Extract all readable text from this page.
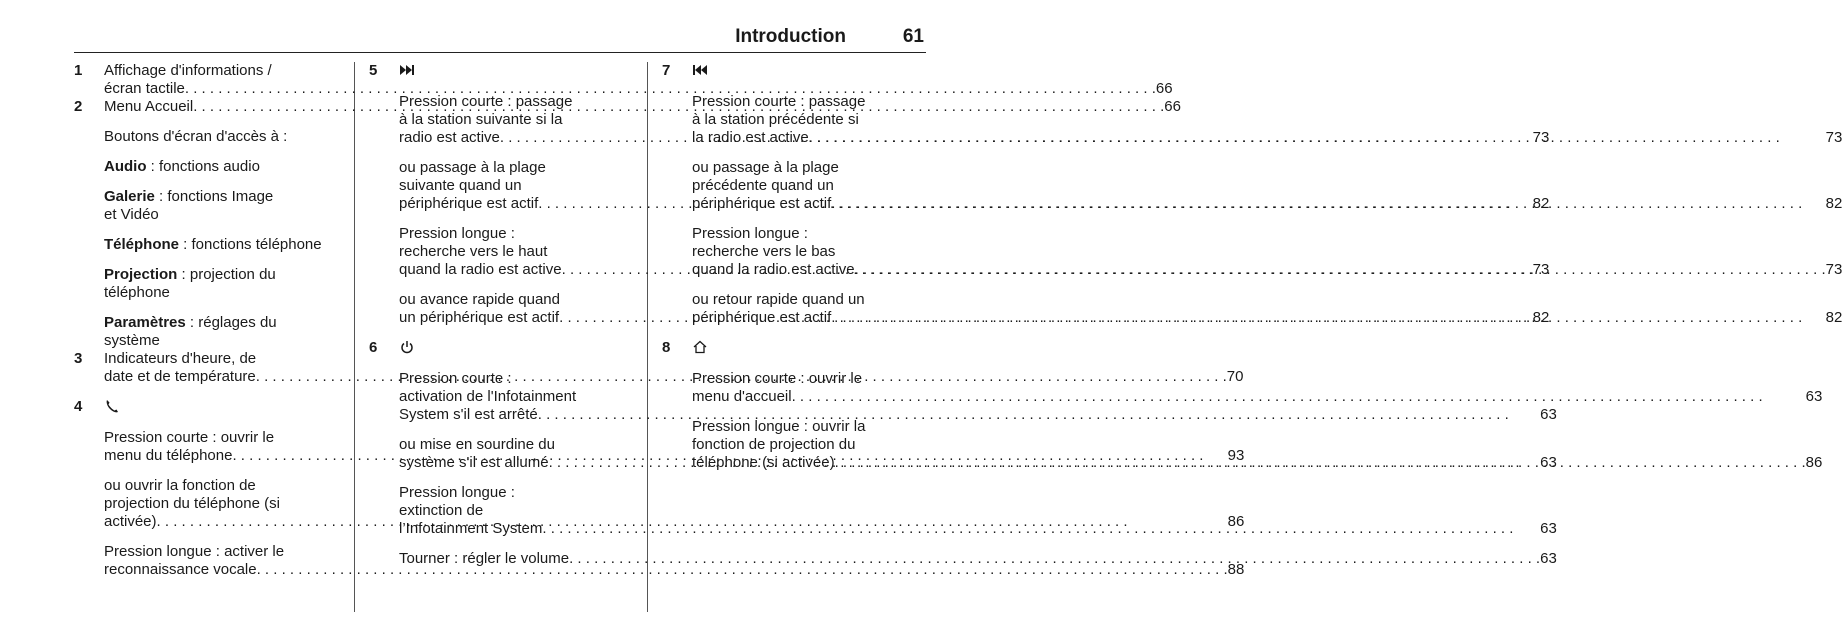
Introduction	61
1	Affichage d'informations /
écran tactile . . .	66
2	Menu Accueil . . .	66
Boutons d'écran d'accès à :
Audio : fonctions audio
Galerie : fonctions Image
et Vidéo
Téléphone : fonctions téléphone
Projection : projection du
téléphone
Paramètres : réglages du
système
3	Indicateurs d'heure, de
date et de température . . .	70
4
Pression courte : ouvrir le
menu du téléphone . . .	93
ou ouvrir la fonction de
projection du téléphone (si
activée) . . .	86
Pression longue : activer le
reconnaissance vocale . . .	88
5
Pression courte : passage
à la station suivante si la
radio est active . . .	73
ou passage à la plage
suivante quand un
périphérique est actif . . .	82
Pression longue :
recherche vers le haut
quand la radio est active . . .	73
ou avance rapide quand
un périphérique est actif . . .	82
6
Pression courte :
activation de l'Infotainment
System s'il est arrêté . . .	63
ou mise en sourdine du
système s'il est allumé . . .	63
Pression longue :
extinction de
l’Infotainment System . . .	63
Tourner : régler le volume . . .	63
7
Pression courte : passage
à la station précédente si
la radio est active . . .	73
ou passage à la plage
précédente quand un
périphérique est actif . . .	82
Pression longue :
recherche vers le bas
quand la radio est active . . .	73
ou retour rapide quand un
périphérique est actif . . .	82
8
Pression courte : ouvrir le
menu d'accueil . . .	63
Pression longue : ouvrir la
fonction de projection du
téléphone (si activée) . . .	86
